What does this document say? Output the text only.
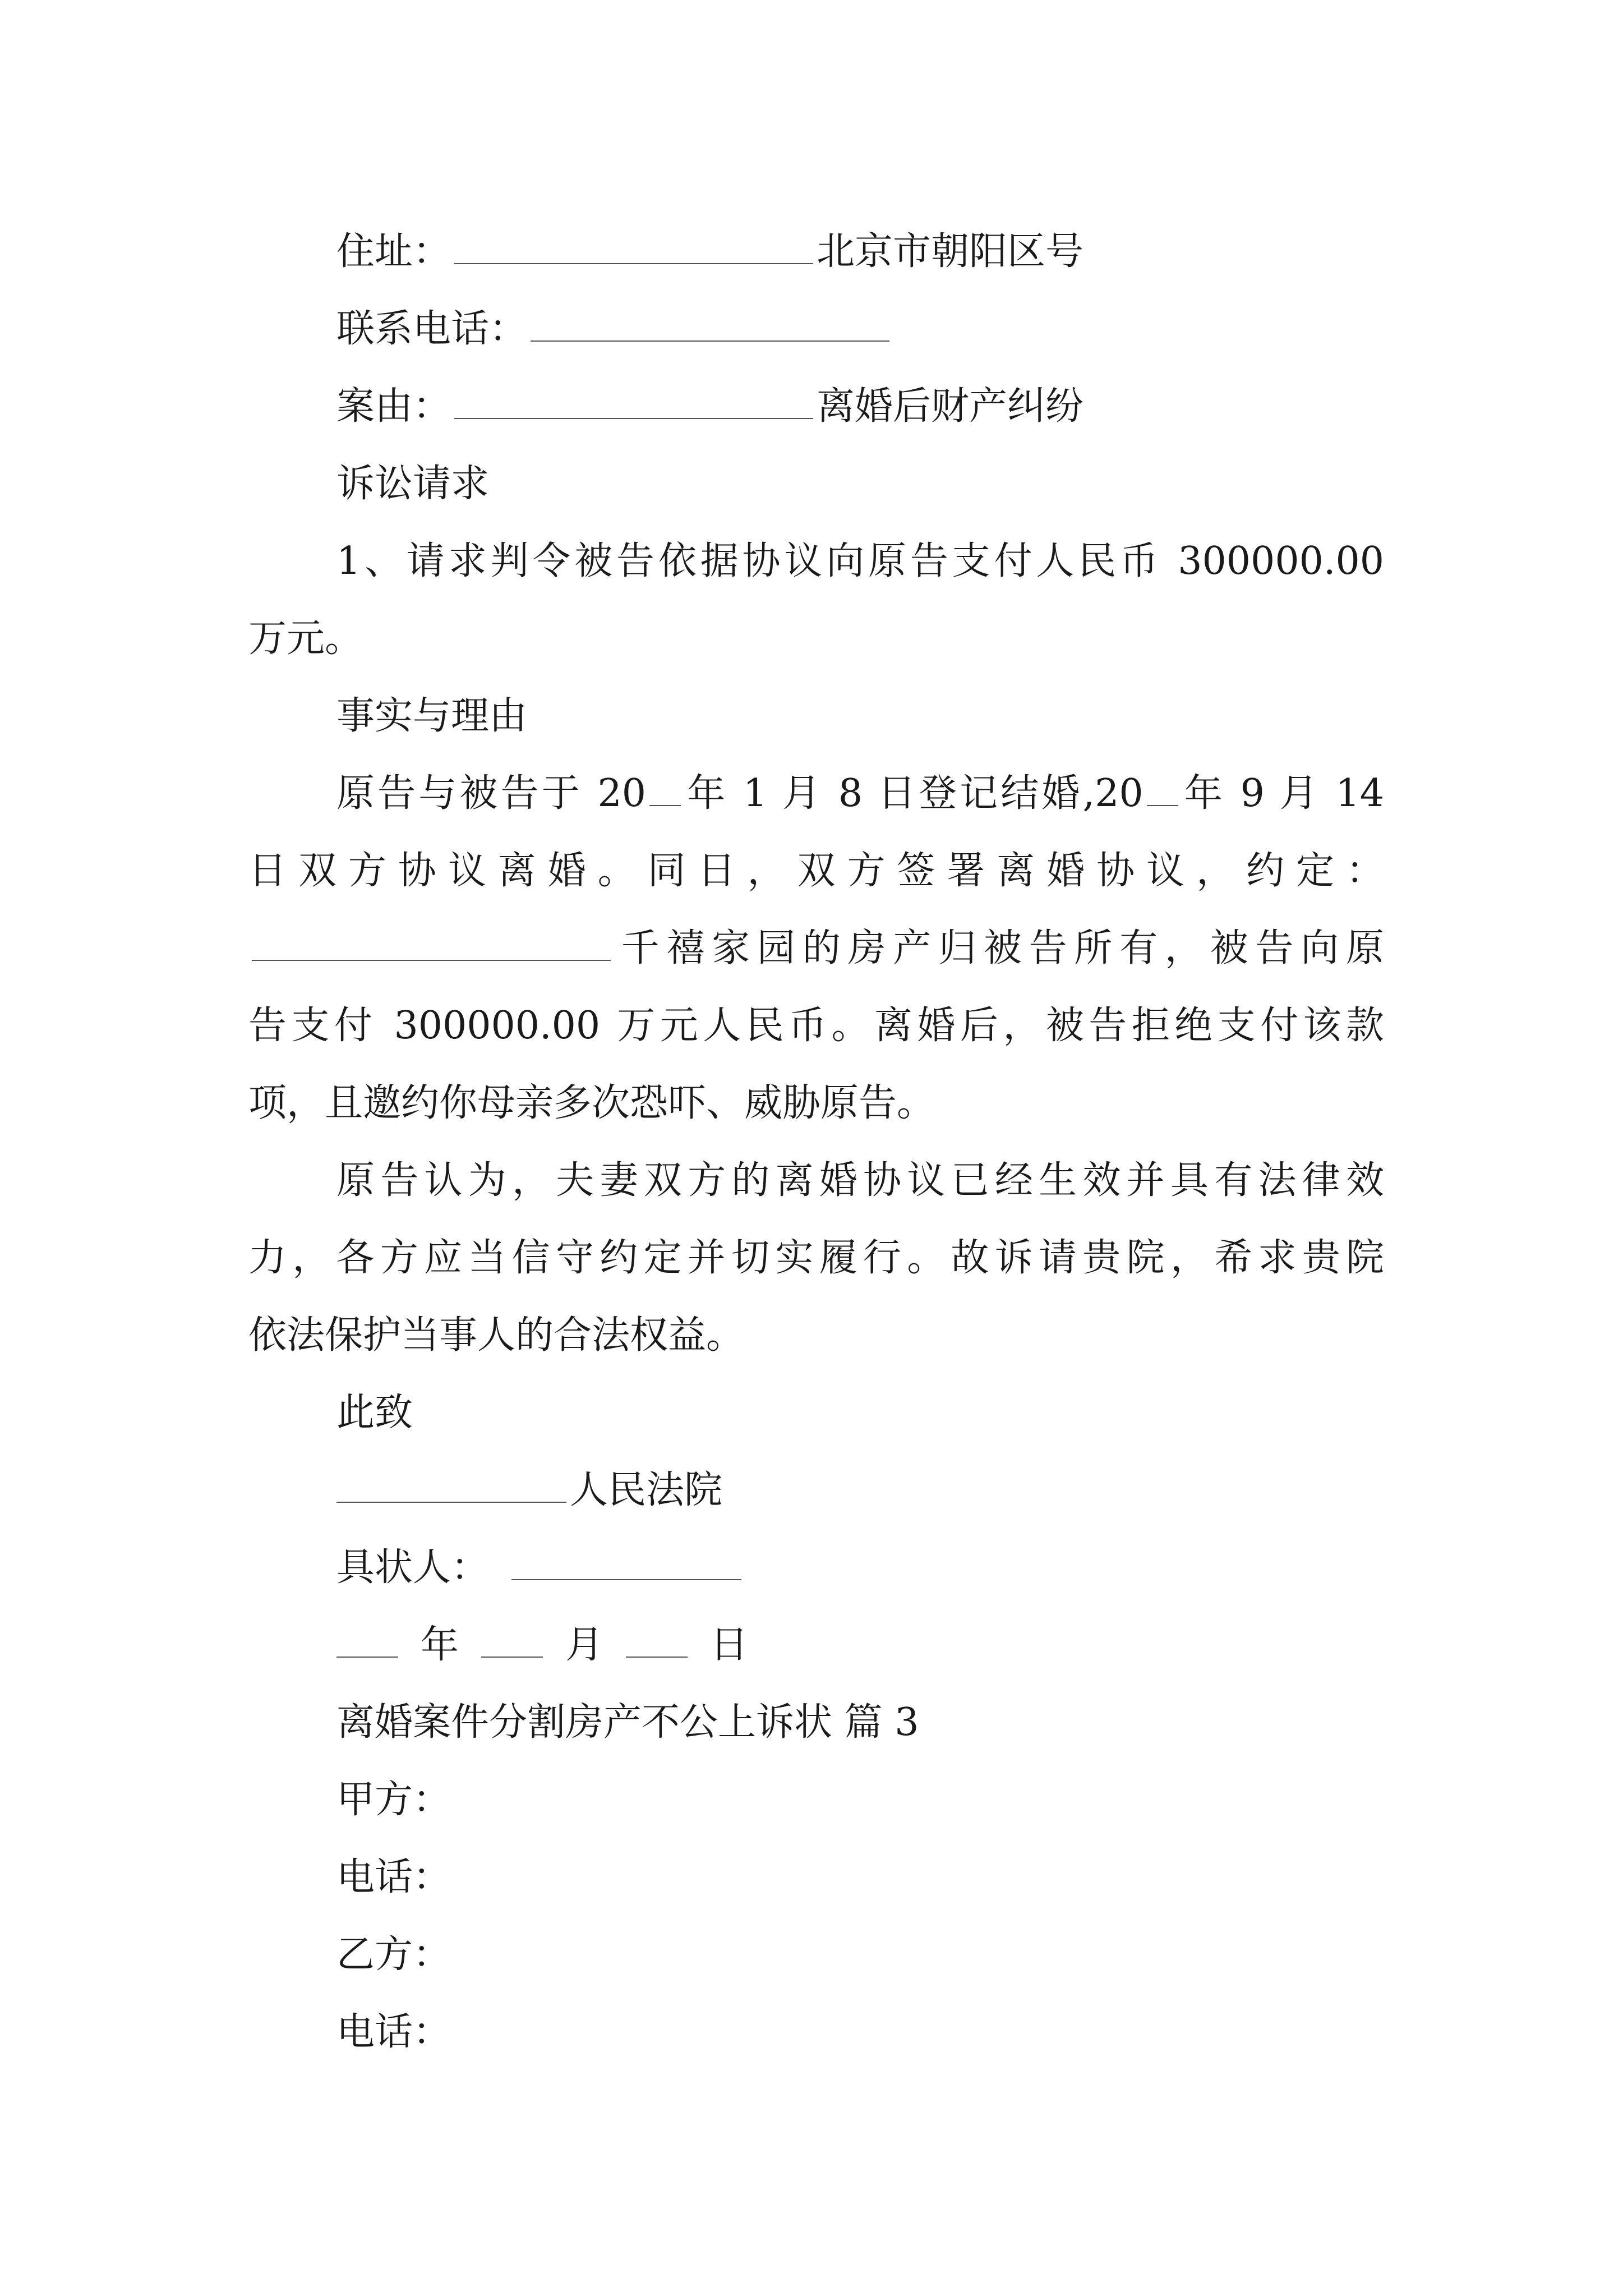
住址：	北京市朝阳区号
联系电话：
案由：	离婚后财产纠纷
诉讼请求
1、请求判令被告依据协议向原告支付人民币 300000.00
万元。
事实与理由
原告与被告于 20 年 1 月 8 日登记结婚,20 年 9 月 14
日双方协议离婚。同日，双方签署离婚协议，约定：
千禧家园的房产归被告所有，被告向原
告支付 300000.00 万元人民币。离婚后，被告拒绝支付该款
项，且邀约你母亲多次恐吓、威胁原告。
原告认为，夫妻双方的离婚协议已经生效并具有法律效
力，各方应当信守约定并切实履行。故诉请贵院，希求贵院
依法保护当事人的合法权益。
此致
人民法院
具状人：
年	月	日
离婚案件分割房产不公上诉状 篇 3
甲方：
电话：
乙方：
电话：
